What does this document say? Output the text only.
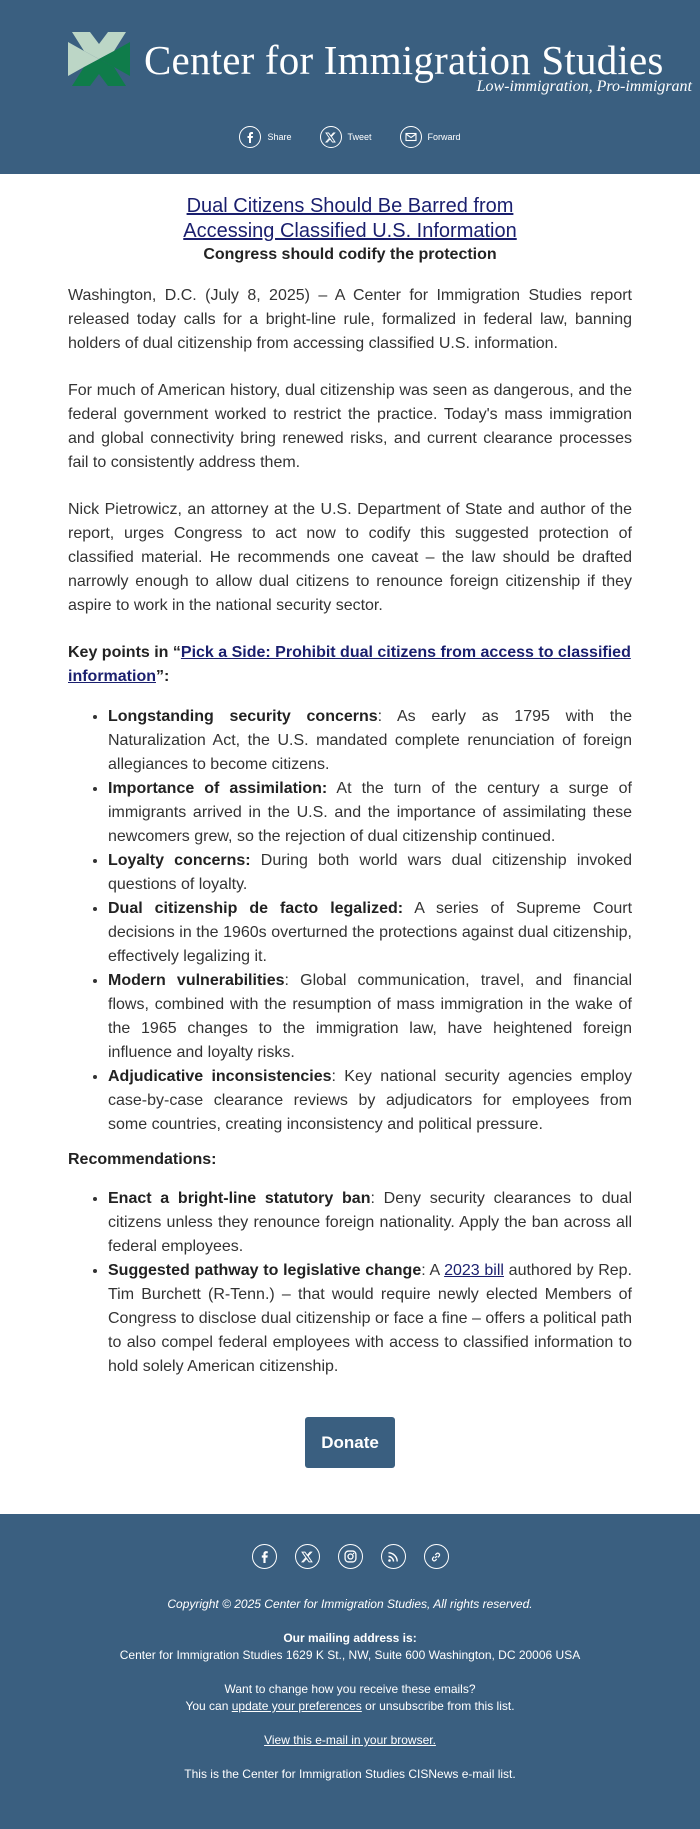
Center for Immigration Studies
Low-immigration, Pro-immigrant
Share	Tweet	Forward
Dual Citizens Should Be Barred from Accessing Classified U.S. Information
Congress should codify the protection

Washington, D.C. (July 8, 2025) – A Center for Immigration Studies report released today calls for a bright-line rule, formalized in federal law, banning holders of dual citizenship from accessing classified U.S. information.

For much of American history, dual citizenship was seen as dangerous, and the federal government worked to restrict the practice. Today's mass immigration and global connectivity bring renewed risks, and current clearance processes fail to consistently address them.

Nick Pietrowicz, an attorney at the U.S. Department of State and author of the report, urges Congress to act now to codify this suggested protection of classified material. He recommends one caveat – the law should be drafted narrowly enough to allow dual citizens to renounce foreign citizenship if they aspire to work in the national security sector.

Key points in “Pick a Side: Prohibit dual citizens from access to classified information”:
• Longstanding security concerns: As early as 1795 with the Naturalization Act, the U.S. mandated complete renunciation of foreign allegiances to become citizens.
• Importance of assimilation: At the turn of the century a surge of immigrants arrived in the U.S. and the importance of assimilating these newcomers grew, so the rejection of dual citizenship continued.
• Loyalty concerns: During both world wars dual citizenship invoked questions of loyalty.
• Dual citizenship de facto legalized: A series of Supreme Court decisions in the 1960s overturned the protections against dual citizenship, effectively legalizing it.
• Modern vulnerabilities: Global communication, travel, and financial flows, combined with the resumption of mass immigration in the wake of the 1965 changes to the immigration law, have heightened foreign influence and loyalty risks.
• Adjudicative inconsistencies: Key national security agencies employ case-by-case clearance reviews by adjudicators for employees from some countries, creating inconsistency and political pressure.
Recommendations:
• Enact a bright-line statutory ban: Deny security clearances to dual citizens unless they renounce foreign nationality. Apply the ban across all federal employees.
• Suggested pathway to legislative change: A 2023 bill authored by Rep. Tim Burchett (R-Tenn.) – that would require newly elected Members of Congress to disclose dual citizenship or face a fine – offers a political path to also compel federal employees with access to classified information to hold solely American citizenship.
Donate
Copyright © 2025 Center for Immigration Studies, All rights reserved.
Our mailing address is:
Center for Immigration Studies 1629 K St., NW, Suite 600 Washington, DC 20006 USA
Want to change how you receive these emails?
You can update your preferences or unsubscribe from this list.
View this e-mail in your browser.
This is the Center for Immigration Studies CISNews e-mail list.
